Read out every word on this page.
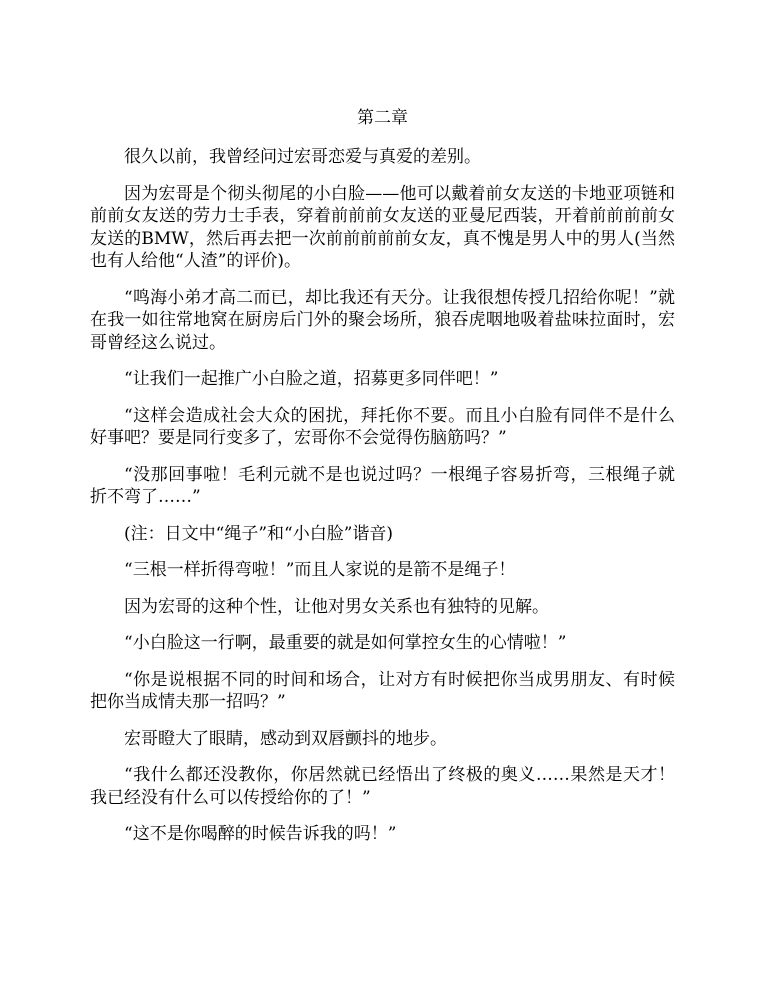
第二章

很久以前，我曾经问过宏哥恋爱与真爱的差别。

因为宏哥是个彻头彻尾的小白脸——他可以戴着前女友送的卡地亚项链和前前女友送的劳力士手表，穿着前前前女友送的亚曼尼西装，开着前前前前女友送的BMW，然后再去把一次前前前前前女友，真不愧是男人中的男人(当然也有人给他“人渣”的评价)。

“鸣海小弟才高二而已，却比我还有天分。让我很想传授几招给你呢！”就在我一如往常地窝在厨房后门外的聚会场所，狼吞虎咽地吸着盐味拉面时，宏哥曾经这么说过。

“让我们一起推广小白脸之道，招募更多同伴吧！”

“这样会造成社会大众的困扰，拜托你不要。而且小白脸有同伴不是什么好事吧？要是同行变多了，宏哥你不会觉得伤脑筋吗？”

“没那回事啦！毛利元就不是也说过吗？一根绳子容易折弯，三根绳子就折不弯了……”

(注：日文中“绳子”和“小白脸”谐音)

“三根一样折得弯啦！”而且人家说的是箭不是绳子！

因为宏哥的这种个性，让他对男女关系也有独特的见解。

“小白脸这一行啊，最重要的就是如何掌控女生的心情啦！”

“你是说根据不同的时间和场合，让对方有时候把你当成男朋友、有时候把你当成情夫那一招吗？”

宏哥瞪大了眼睛，感动到双唇颤抖的地步。

“我什么都还没教你，你居然就已经悟出了终极的奥义……果然是天才！我已经没有什么可以传授给你的了！”

“这不是你喝醉的时候告诉我的吗！”
